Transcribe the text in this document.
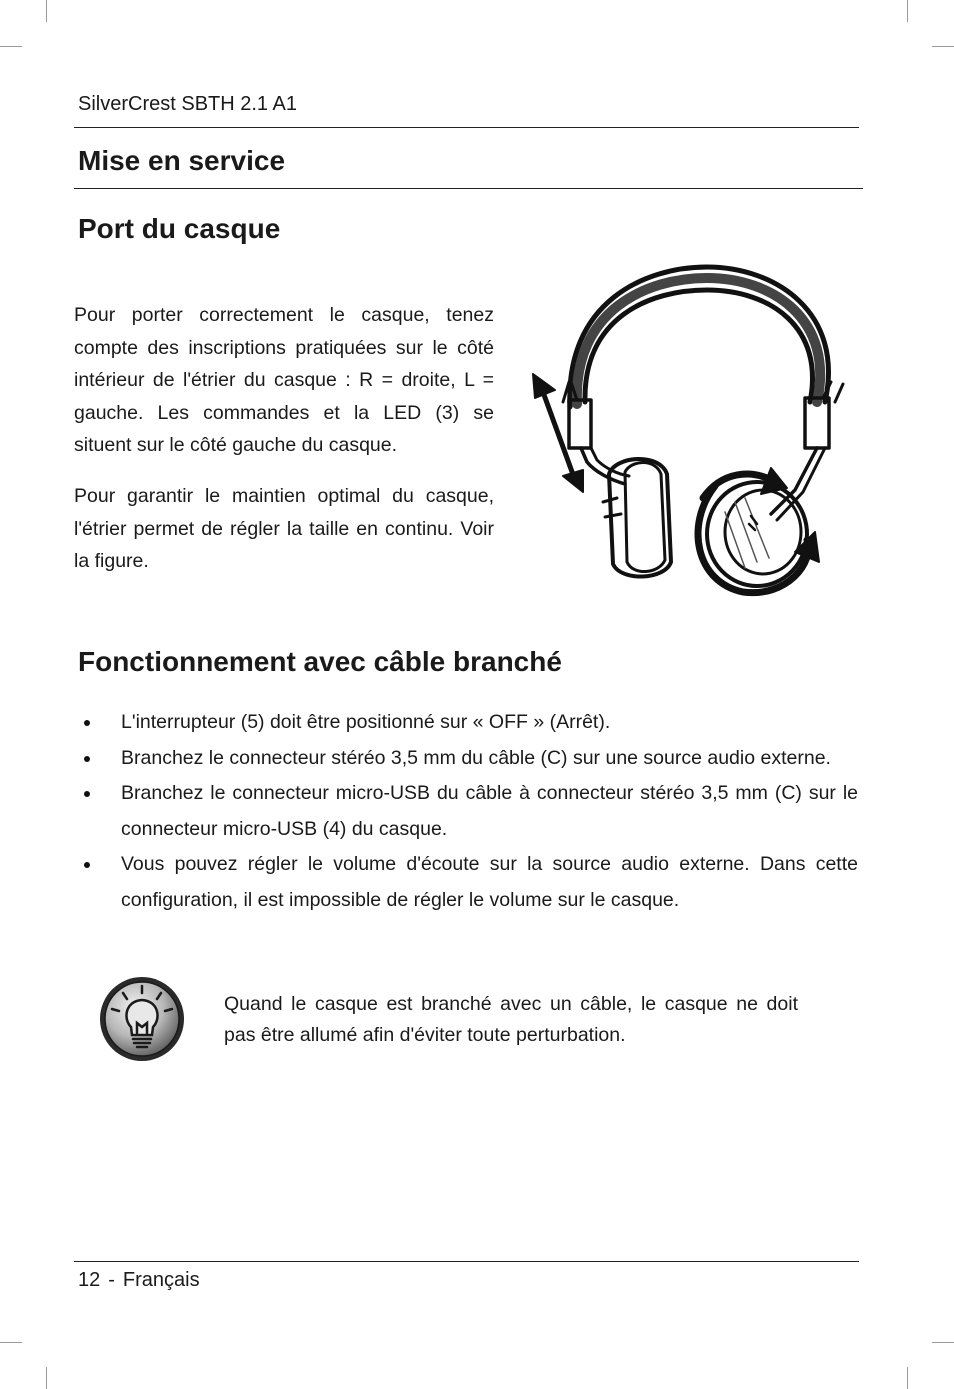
SilverCrest SBTH 2.1 A1
Mise en service
Port du casque

Pour porter correctement le casque, tenez compte des inscriptions pratiquées sur le côté intérieur de l'étrier du casque : R = droite, L = gauche. Les commandes et la LED (3) se situent sur le côté gauche du casque.

Pour garantir le maintien optimal du casque, l'étrier permet de régler la taille en continu. Voir la figure.

Fonctionnement avec câble branché
L'interrupteur (5) doit être positionné sur « OFF » (Arrêt).
Branchez le connecteur stéréo 3,5 mm du câble (C) sur une source audio externe.
Branchez le connecteur micro-USB du câble à connecteur stéréo 3,5 mm (C) sur le connecteur micro-USB (4) du casque.
Vous pouvez régler le volume d'écoute sur la source audio externe. Dans cette configuration, il est impossible de régler le volume sur le casque.

Quand le casque est branché avec un câble, le casque ne doit pas être allumé afin d'éviter toute perturbation.

12 - Français
